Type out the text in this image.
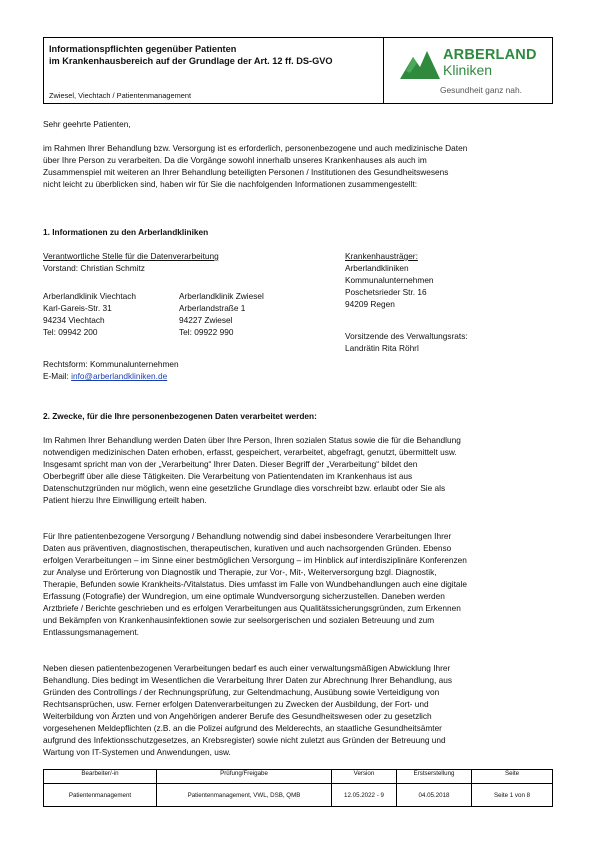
Informationspflichten gegenüber Patienten
im Krankenhausbereich auf der Grundlage der Art. 12 ff. DS-GVO
Zwiesel, Viechtach / Patientenmanagement
ARBERLAND
Kliniken
Gesundheit ganz nah.
Sehr geehrte Patienten,
im Rahmen Ihrer Behandlung bzw. Versorgung ist es erforderlich, personenbezogene und auch medizinische Daten
über Ihre Person zu verarbeiten. Da die Vorgänge sowohl innerhalb unseres Krankenhauses als auch im
Zusammenspiel mit weiteren an Ihrer Behandlung beteiligten Personen / Institutionen des Gesundheitswesens
nicht leicht zu überblicken sind, haben wir für Sie die nachfolgenden Informationen zusammengestellt:
1. Informationen zu den Arberlandkliniken
Verantwortliche Stelle für die Datenverarbeitung
Vorstand: Christian Schmitz
Arberlandklinik Viechtach
Karl-Gareis-Str. 31
94234 Viechtach
Tel: 09942 200
Arberlandklinik Zwiesel
Arberlandstraße 1
94227 Zwiesel
Tel: 09922 990
Rechtsform: Kommunalunternehmen
E-Mail: info@arberlandkliniken.de
Krankenhausträger:
Arberlandkliniken
Kommunalunternehmen
Poschetsrieder Str. 16
94209 Regen
Vorsitzende des Verwaltungsrats:
Landrätin Rita Röhrl
2. Zwecke, für die Ihre personenbezogenen Daten verarbeitet werden:
Im Rahmen Ihrer Behandlung werden Daten über Ihre Person, Ihren sozialen Status sowie die für die Behandlung
notwendigen medizinischen Daten erhoben, erfasst, gespeichert, verarbeitet, abgefragt, genutzt, übermittelt usw.
Insgesamt spricht man von der „Verarbeitung“ Ihrer Daten. Dieser Begriff der „Verarbeitung“ bildet den
Oberbegriff über alle diese Tätigkeiten. Die Verarbeitung von Patientendaten im Krankenhaus ist aus
Datenschutzgründen nur möglich, wenn eine gesetzliche Grundlage dies vorschreibt bzw. erlaubt oder Sie als
Patient hierzu Ihre Einwilligung erteilt haben.
Für Ihre patientenbezogene Versorgung / Behandlung notwendig sind dabei insbesondere Verarbeitungen Ihrer
Daten aus präventiven, diagnostischen, therapeutischen, kurativen und auch nachsorgenden Gründen. Ebenso
erfolgen Verarbeitungen – im Sinne einer bestmöglichen Versorgung – im Hinblick auf interdisziplinäre Konferenzen
zur Analyse und Erörterung von Diagnostik und Therapie, zur Vor-, Mit-, Weiterversorgung bzgl. Diagnostik,
Therapie, Befunden sowie Krankheits-/Vitalstatus. Dies umfasst im Falle von Wundbehandlungen auch eine digitale
Erfassung (Fotografie) der Wundregion, um eine optimale Wundversorgung sicherzustellen. Daneben werden
Arztbriefe / Berichte geschrieben und es erfolgen Verarbeitungen aus Qualitätssicherungsgründen, zum Erkennen
und Bekämpfen von Krankenhausinfektionen sowie zur seelsorgerischen und sozialen Betreuung und zum
Entlassungsmanagement.
Neben diesen patientenbezogenen Verarbeitungen bedarf es auch einer verwaltungsmäßigen Abwicklung Ihrer
Behandlung. Dies bedingt im Wesentlichen die Verarbeitung Ihrer Daten zur Abrechnung Ihrer Behandlung, aus
Gründen des Controllings / der Rechnungsprüfung, zur Geltendmachung, Ausübung sowie Verteidigung von
Rechtsansprüchen, usw. Ferner erfolgen Datenverarbeitungen zu Zwecken der Ausbildung, der Fort- und
Weiterbildung von Ärzten und von Angehörigen anderer Berufe des Gesundheitswesen oder zu gesetzlich
vorgesehenen Meldepflichten (z.B. an die Polizei aufgrund des Melderechts, an staatliche Gesundheitsämter
aufgrund des Infektionsschutzgesetzes, an Krebsregister) sowie nicht zuletzt aus Gründen der Betreuung und
Wartung von IT-Systemen und Anwendungen, usw.
Bearbeiter/-in	Prüfung/Freigabe	Version	Erstserstellung	Seite
Patientenmanagement	Patientenmanagement, VWL, DSB, QMB	12.05.2022 - 9	04.05.2018	Seite 1 von 8
